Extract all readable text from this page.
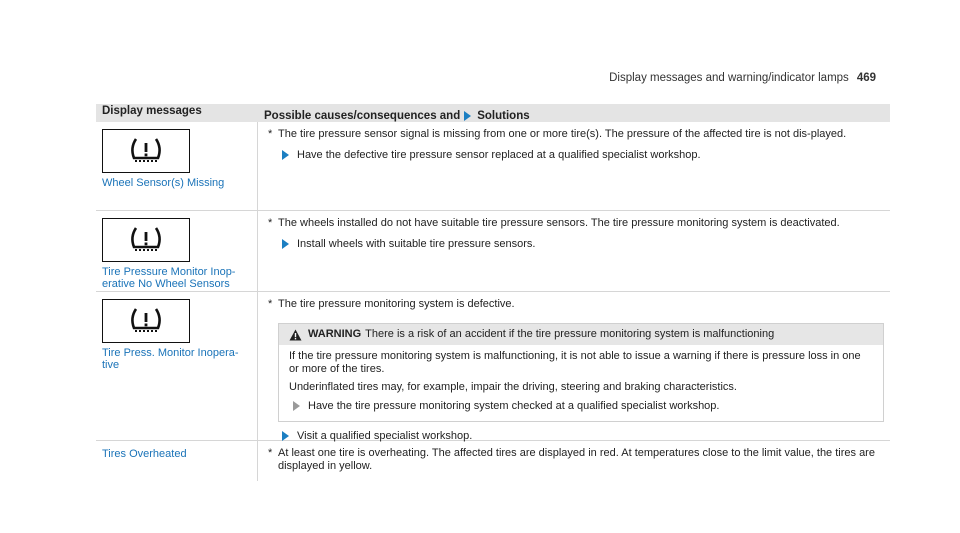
Display messages and warning/indicator lamps 469
Display messages	Possible causes/consequences and Solutions
Wheel Sensor(s) Missing
* The tire pressure sensor signal is missing from one or more tire(s). The pressure of the affected tire is not dis-played.
Have the defective tire pressure sensor replaced at a qualified specialist workshop.
Tire Pressure Monitor Inop-erative No Wheel Sensors
* The wheels installed do not have suitable tire pressure sensors. The tire pressure monitoring system is deactivated.
Install wheels with suitable tire pressure sensors.
Tire Press. Monitor Inopera-tive
* The tire pressure monitoring system is defective.
WARNING There is a risk of an accident if the tire pressure monitoring system is malfunctioning

If the tire pressure monitoring system is malfunctioning, it is not able to issue a warning if there is pressure loss in one or more of the tires.

Underinflated tires may, for example, impair the driving, steering and braking characteristics.

Have the tire pressure monitoring system checked at a qualified specialist workshop.
Visit a qualified specialist workshop.
Tires Overheated	* At least one tire is overheating. The affected tires are displayed in red. At temperatures close to the limit value, the tires are displayed in yellow.
